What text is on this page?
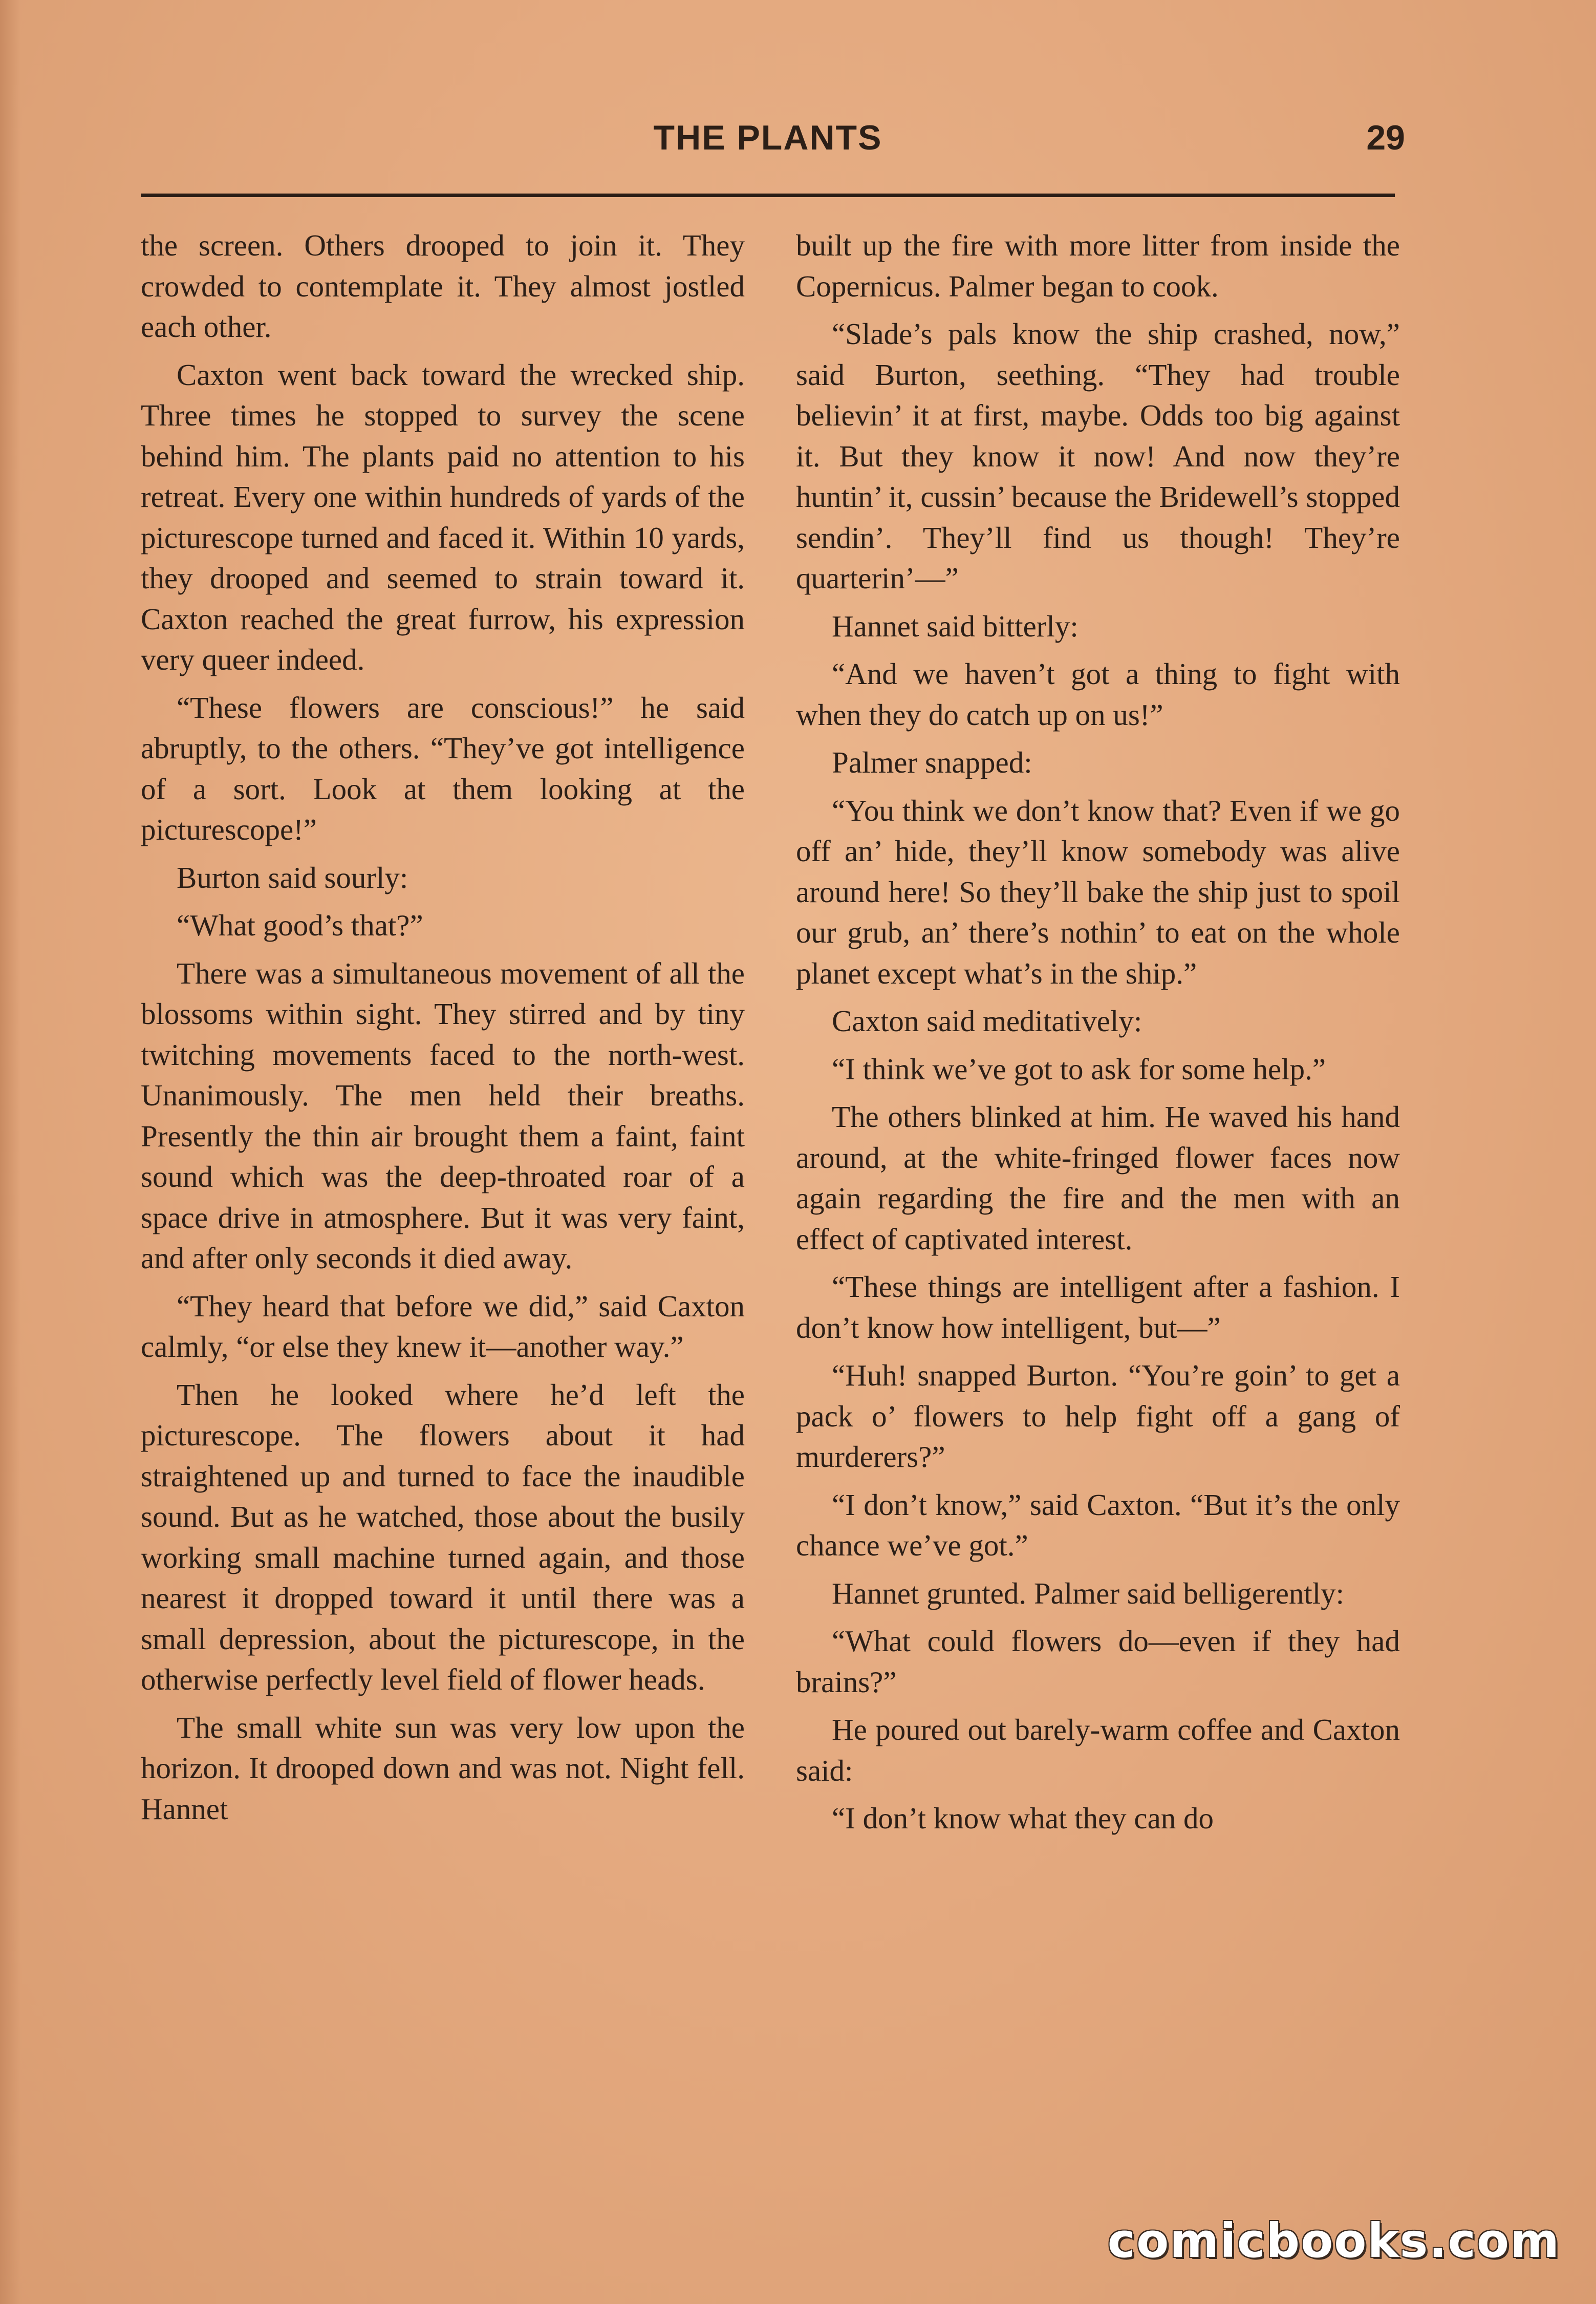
THE PLANTS	29

the screen. Others drooped to join it. They crowded to contemplate it. They almost jostled each other.

Caxton went back toward the wrecked ship. Three times he stopped to survey the scene behind him. The plants paid no attention to his retreat. Every one within hundreds of yards of the picturescope turned and faced it. Within 10 yards, they drooped and seemed to strain toward it. Caxton reached the great furrow, his expression very queer indeed.

“These flowers are conscious!” he said abruptly, to the others. “They’ve got intelligence of a sort. Look at them looking at the picturescope!”

Burton said sourly:

“What good’s that?”

There was a simultaneous movement of all the blossoms within sight. They stirred and by tiny twitching movements faced to the north-west. Unanimously. The men held their breaths. Presently the thin air brought them a faint, faint sound which was the deep-throated roar of a space drive in atmosphere. But it was very faint, and after only seconds it died away.

“They heard that before we did,” said Caxton calmly, “or else they knew it—another way.”

Then he looked where he’d left the picturescope. The flowers about it had straightened up and turned to face the inaudible sound. But as he watched, those about the busily working small machine turned again, and those nearest it dropped toward it until there was a small depression, about the picturescope, in the otherwise perfectly level field of flower heads.

The small white sun was very low upon the horizon. It drooped down and was not. Night fell. Hannet

built up the fire with more litter from inside the Copernicus. Palmer began to cook.

“Slade’s pals know the ship crashed, now,” said Burton, seething. “They had trouble believin’ it at first, maybe. Odds too big against it. But they know it now! And now they’re huntin’ it, cussin’ because the Bridewell’s stopped sendin’. They’ll find us though! They’re quarterin’—”

Hannet said bitterly:

“And we haven’t got a thing to fight with when they do catch up on us!”

Palmer snapped:

“You think we don’t know that? Even if we go off an’ hide, they’ll know somebody was alive around here! So they’ll bake the ship just to spoil our grub, an’ there’s nothin’ to eat on the whole planet except what’s in the ship.”

Caxton said meditatively:

“I think we’ve got to ask for some help.”

The others blinked at him. He waved his hand around, at the white-fringed flower faces now again regarding the fire and the men with an effect of captivated interest.

“These things are intelligent after a fashion. I don’t know how intelligent, but—”

“Huh! snapped Burton. “You’re goin’ to get a pack o’ flowers to help fight off a gang of murderers?”

“I don’t know,” said Caxton. “But it’s the only chance we’ve got.”

Hannet grunted. Palmer said belligerently:

“What could flowers do—even if they had brains?”

He poured out barely-warm coffee and Caxton said:

“I don’t know what they can do

comicbooks.com
